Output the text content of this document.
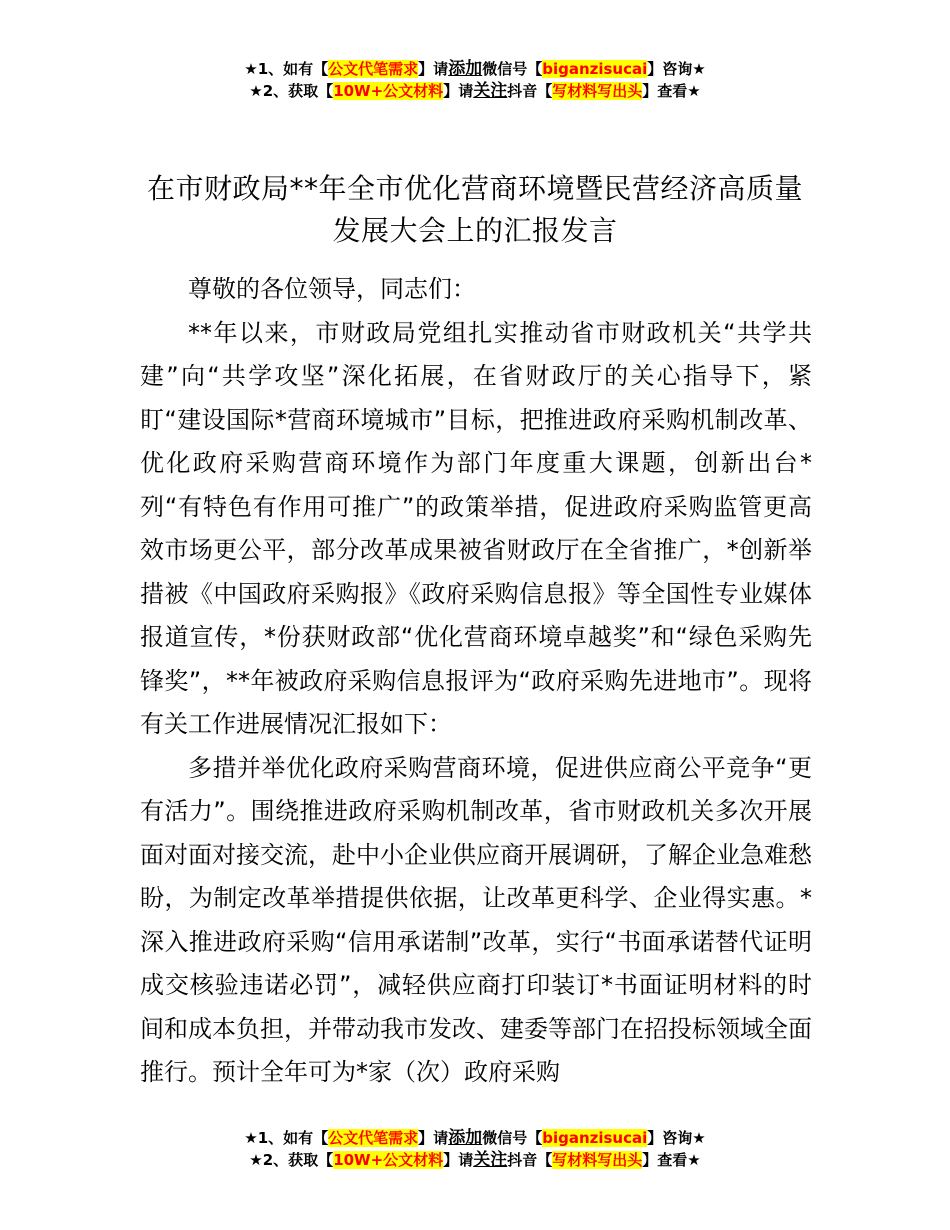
★1、如有【公文代笔需求】请添加微信号【biganzisucai】咨询★
★2、获取【10W+公文材料】请关注抖音【写材料写出头】查看★
在市财政局**年全市优化营商环境暨民营经济高质量发展大会上的汇报发言

尊敬的各位领导，同志们：

**年以来，市财政局党组扎实推动省市财政机关“共学共建”向“共学攻坚”深化拓展，在省财政厅的关心指导下，紧盯“建设国际*营商环境城市”目标，把推进政府采购机制改革、优化政府采购营商环境作为部门年度重大课题，创新出台*列“有特色有作用可推广”的政策举措，促进政府采购监管更高效市场更公平，部分改革成果被省财政厅在全省推广，*创新举措被《中国政府采购报》《政府采购信息报》等全国性专业媒体报道宣传，*份获财政部“优化营商环境卓越奖”和“绿色采购先锋奖”，**年被政府采购信息报评为“政府采购先进地市”。现将有关工作进展情况汇报如下：

多措并举优化政府采购营商环境，促进供应商公平竞争“更有活力”。围绕推进政府采购机制改革，省市财政机关多次开展面对面对接交流，赴中小企业供应商开展调研，了解企业急难愁盼，为制定改革举措提供依据，让改革更科学、企业得实惠。*深入推进政府采购“信用承诺制”改革，实行“书面承诺替代证明成交核验违诺必罚”，减轻供应商打印装订*书面证明材料的时间和成本负担，并带动我市发改、建委等部门在招投标领域全面推行。预计全年可为*家（次）政府采购

★1、如有【公文代笔需求】请添加微信号【biganzisucai】咨询★
★2、获取【10W+公文材料】请关注抖音【写材料写出头】查看★
